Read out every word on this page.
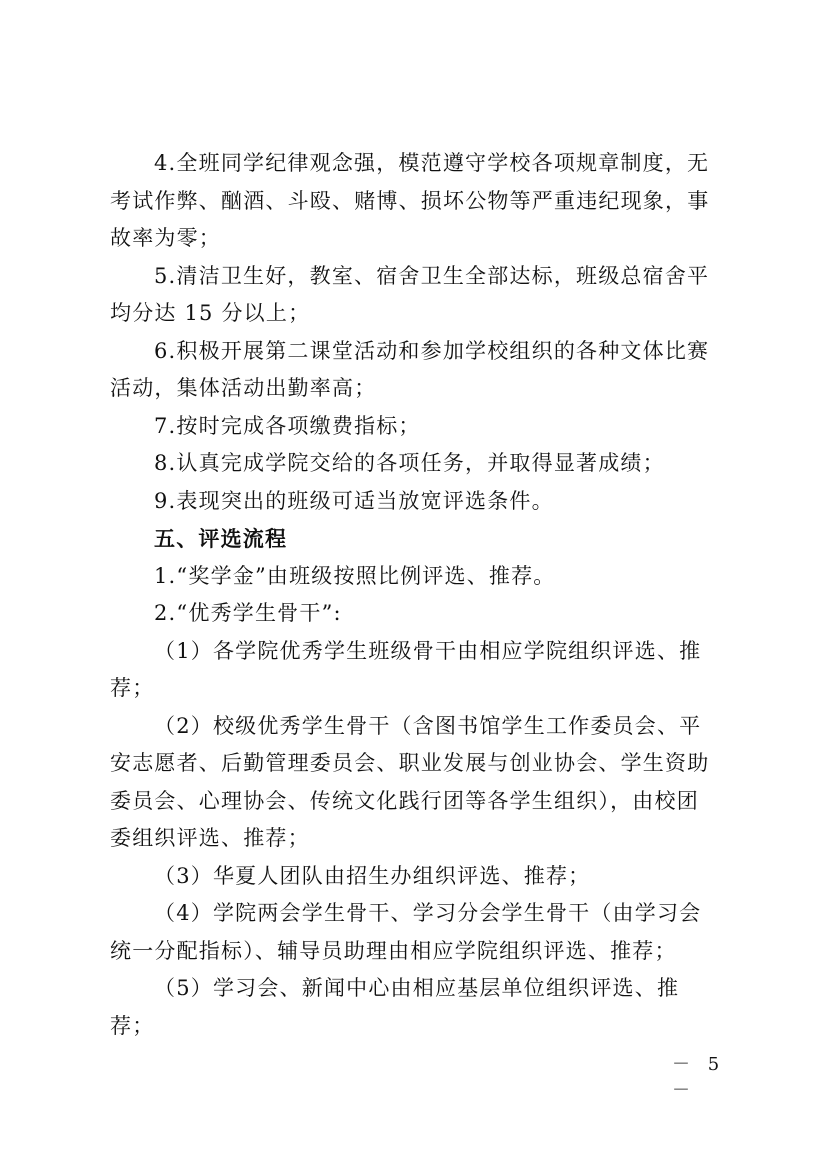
4.全班同学纪律观念强，模范遵守学校各项规章制度，无考试作弊、酗酒、斗殴、赌博、损坏公物等严重违纪现象，事故率为零；

5.清洁卫生好，教室、宿舍卫生全部达标，班级总宿舍平均分达 15 分以上；

6.积极开展第二课堂活动和参加学校组织的各种文体比赛活动，集体活动出勤率高；

7.按时完成各项缴费指标；

8.认真完成学院交给的各项任务，并取得显著成绩；

9.表现突出的班级可适当放宽评选条件。

五、评选流程

1.“奖学金”由班级按照比例评选、推荐。

2.“优秀学生骨干”:

（1）各学院优秀学生班级骨干由相应学院组织评选、推荐；

（2）校级优秀学生骨干（含图书馆学生工作委员会、平安志愿者、后勤管理委员会、职业发展与创业协会、学生资助委员会、心理协会、传统文化践行团等各学生组织），由校团委组织评选、推荐；

（3）华夏人团队由招生办组织评选、推荐；

（4）学院两会学生骨干、学习分会学生骨干（由学习会统一分配指标）、辅导员助理由相应学院组织评选、推荐；

（5）学习会、新闻中心由相应基层单位组织评选、推荐；

－ 5 －
